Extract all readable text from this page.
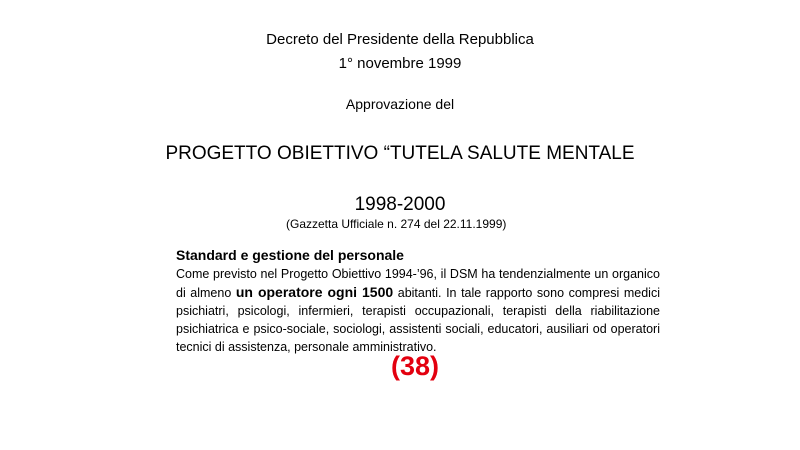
Decreto del Presidente della Repubblica
1° novembre 1999
Approvazione del
PROGETTO OBIETTIVO “TUTELA SALUTE MENTALE
1998-2000
(Gazzetta Ufficiale n. 274 del 22.11.1999)
Standard e gestione del personale

Come previsto nel Progetto Obiettivo 1994-’96, il DSM ha tendenzialmente un organico di almeno un operatore ogni 1500 abitanti. In tale rapporto sono compresi medici psichiatri, psicologi, infermieri, terapisti occupazionali, terapisti della riabilitazione psichiatrica e psico-sociale, sociologi, assistenti sociali, educatori, ausiliari od operatori tecnici di assistenza, personale amministrativo.

(38)
